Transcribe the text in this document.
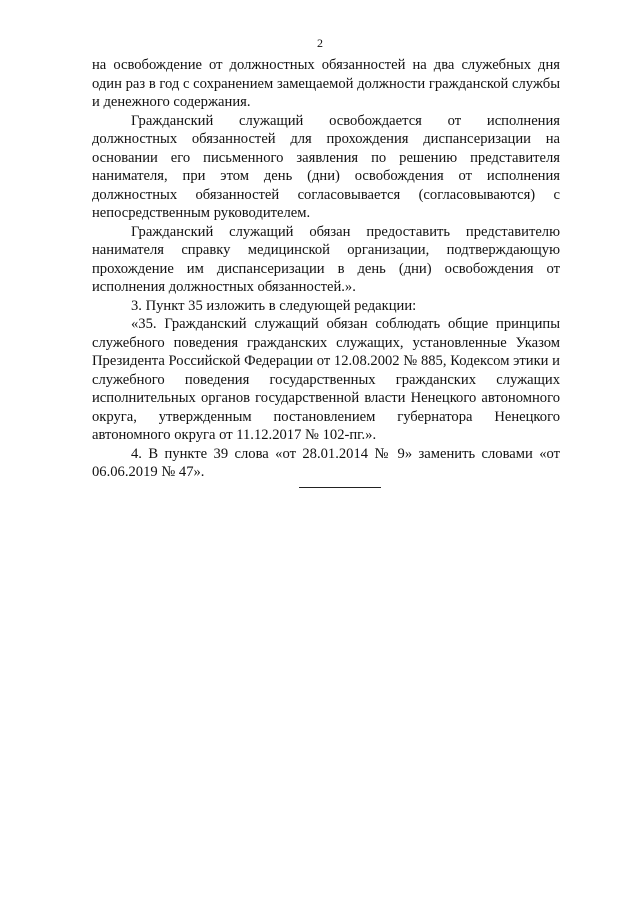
2

на освобождение от должностных обязанностей на два служебных дня один раз в год с сохранением замещаемой должности гражданской службы и денежного содержания.

Гражданский служащий освобождается от исполнения должностных обязанностей для прохождения диспансеризации на основании его письменного заявления по решению представителя нанимателя, при этом день (дни) освобождения от исполнения должностных обязанностей согласовывается (согласовываются) с непосредственным руководителем.

Гражданский служащий обязан предоставить представителю нанимателя справку медицинской организации, подтверждающую прохождение им диспансеризации в день (дни) освобождения от исполнения должностных обязанностей.».

3. Пункт 35 изложить в следующей редакции:

«35. Гражданский служащий обязан соблюдать общие принципы служебного поведения гражданских служащих, установленные Указом Президента Российской Федерации от 12.08.2002 № 885, Кодексом этики и служебного поведения государственных гражданских служащих исполнительных органов государственной власти Ненецкого автономного округа, утвержденным постановлением губернатора Ненецкого автономного округа от 11.12.2017 № 102-пг.».

4. В пункте 39 слова «от 28.01.2014 № 9» заменить словами «от 06.06.2019 № 47».
